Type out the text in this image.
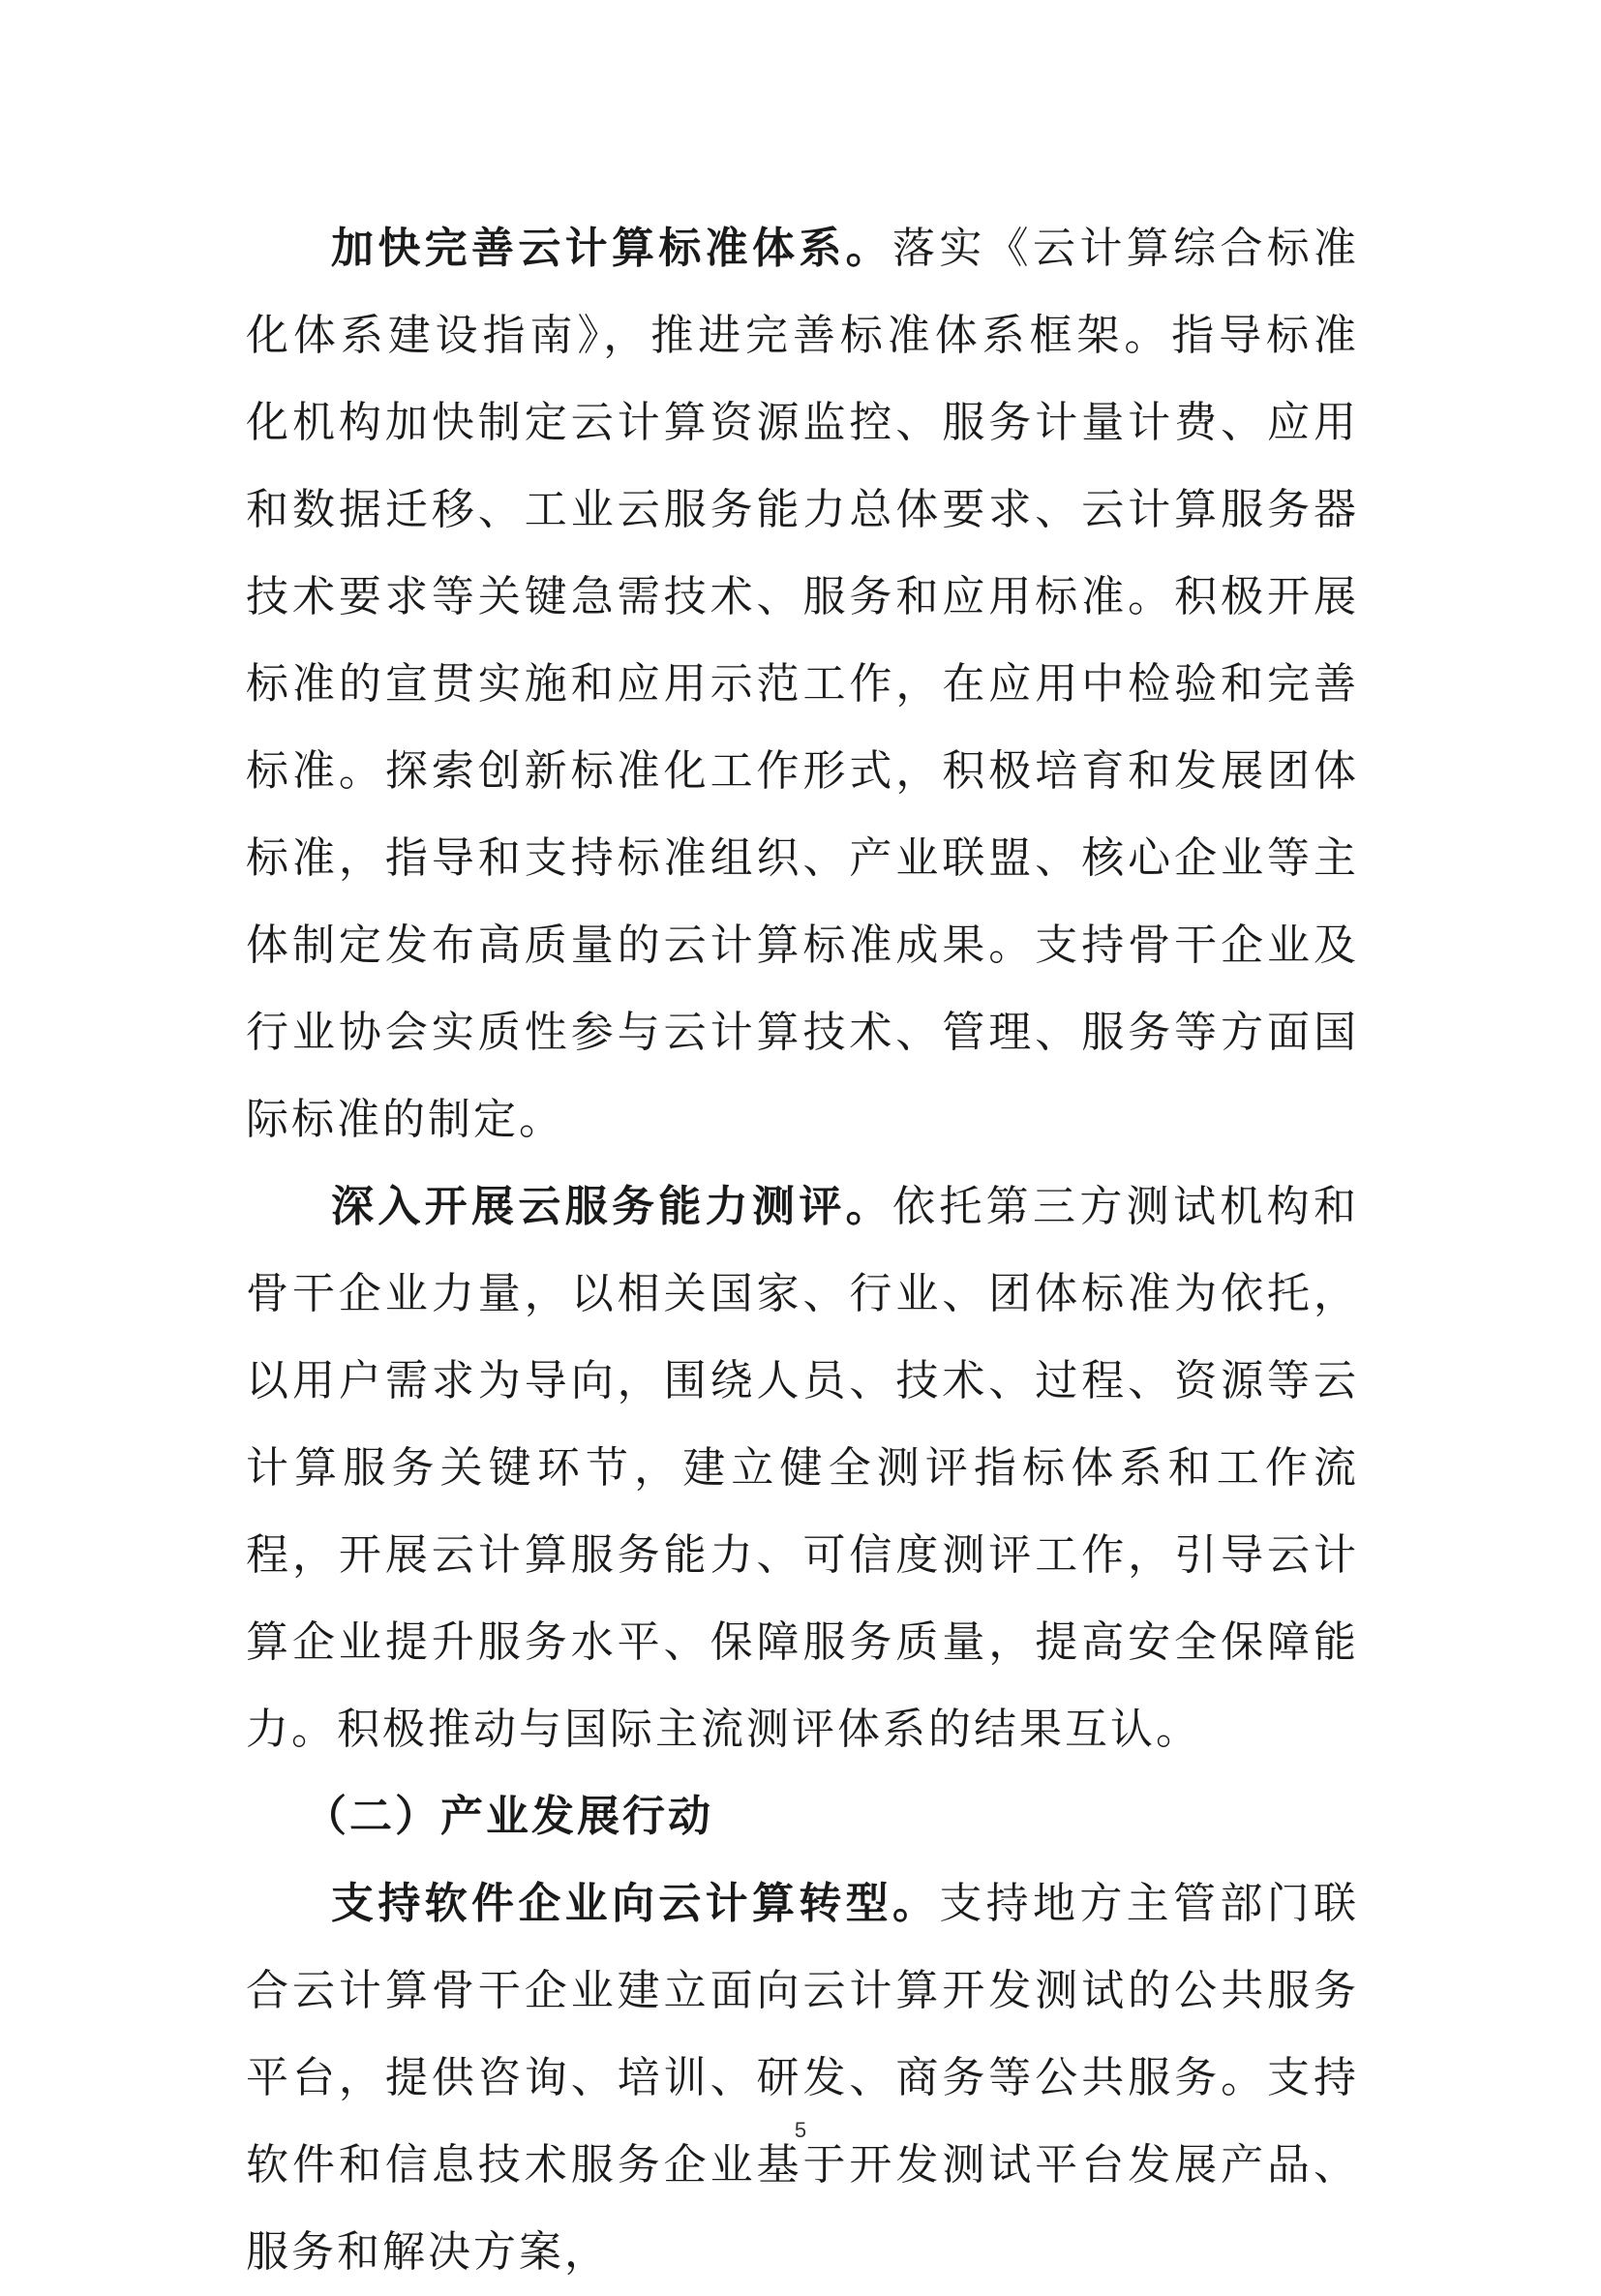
加快完善云计算标准体系。落实《云计算综合标准化体系建设指南》，推进完善标准体系框架。指导标准化机构加快制定云计算资源监控、服务计量计费、应用和数据迁移、工业云服务能力总体要求、云计算服务器技术要求等关键急需技术、服务和应用标准。积极开展标准的宣贯实施和应用示范工作，在应用中检验和完善标准。探索创新标准化工作形式，积极培育和发展团体标准，指导和支持标准组织、产业联盟、核心企业等主体制定发布高质量的云计算标准成果。支持骨干企业及行业协会实质性参与云计算技术、管理、服务等方面国际标准的制定。

深入开展云服务能力测评。依托第三方测试机构和骨干企业力量，以相关国家、行业、团体标准为依托，以用户需求为导向，围绕人员、技术、过程、资源等云计算服务关键环节，建立健全测评指标体系和工作流程，开展云计算服务能力、可信度测评工作，引导云计算企业提升服务水平、保障服务质量，提高安全保障能力。积极推动与国际主流测评体系的结果互认。

（二）产业发展行动

支持软件企业向云计算转型。支持地方主管部门联合云计算骨干企业建立面向云计算开发测试的公共服务平台，提供咨询、培训、研发、商务等公共服务。支持软件和信息技术服务企业基于开发测试平台发展产品、服务和解决方案，

5
